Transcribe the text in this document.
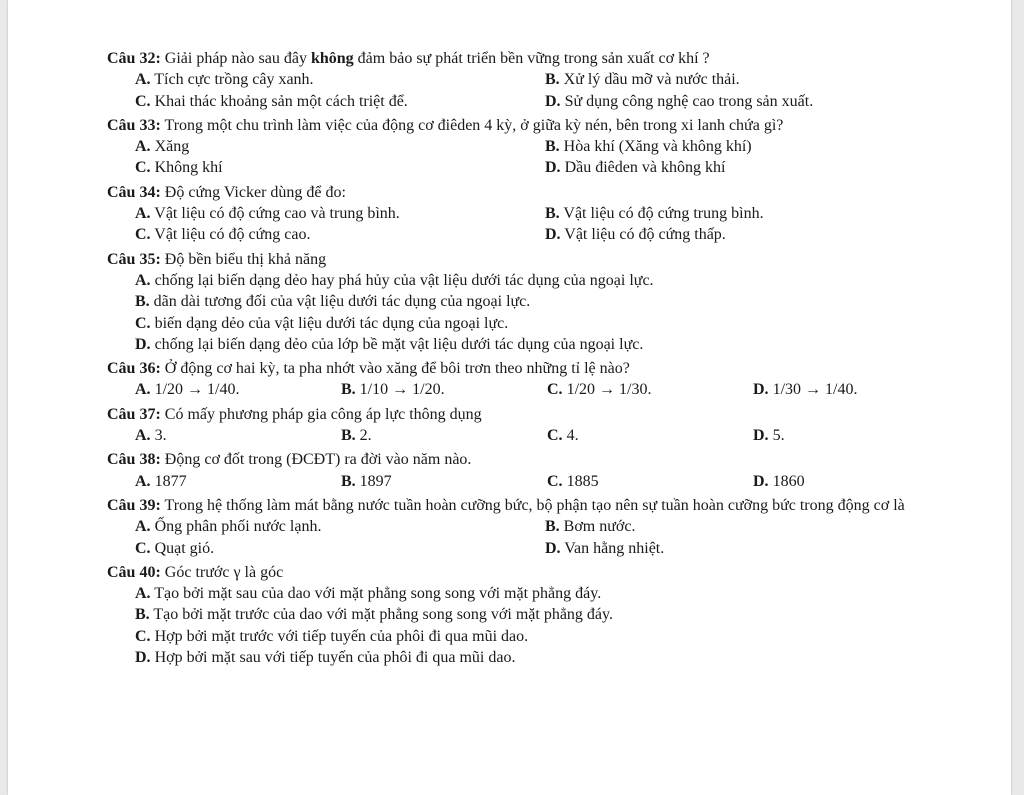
Câu 32: Giải pháp nào sau đây không đảm bảo sự phát triển bền vững trong sản xuất cơ khí ?
A. Tích cực trồng cây xanh.	B. Xử lý dầu mỡ và nước thải.
C. Khai thác khoảng sản một cách triệt để.	D. Sử dụng công nghệ cao trong sản xuất.
Câu 33: Trong một chu trình làm việc của động cơ điêden 4 kỳ, ở giữa kỳ nén, bên trong xi lanh chứa gì?
A. Xăng	B. Hòa khí (Xăng và không khí)
C. Không khí	D. Dầu điêden và không khí
Câu 34: Độ cứng Vicker dùng để đo:
A. Vật liệu có độ cứng cao và trung bình.	B. Vật liệu có độ cứng trung bình.
C. Vật liệu có độ cứng cao.	D. Vật liệu có độ cứng thấp.
Câu 35: Độ bền biểu thị khả năng
A. chống lại biến dạng dẻo hay phá hủy của vật liệu dưới tác dụng của ngoại lực.
B. dãn dài tương đối của vật liệu dưới tác dụng của ngoại lực.
C. biến dạng dẻo của vật liệu dưới tác dụng của ngoại lực.
D. chống lại biến dạng dẻo của lớp bề mặt vật liệu dưới tác dụng của ngoại lực.
Câu 36: Ở động cơ hai kỳ, ta pha nhớt vào xăng để bôi trơn theo những tỉ lệ nào?
A. 1/20 → 1/40.	B. 1/10 → 1/20.	C. 1/20 → 1/30.	D. 1/30 → 1/40.
Câu 37: Có mấy phương pháp gia công áp lực thông dụng
A. 3.	B. 2.	C. 4.	D. 5.
Câu 38: Động cơ đốt trong (ĐCĐT) ra đời vào năm nào.
A. 1877	B. 1897	C. 1885	D. 1860
Câu 39: Trong hệ thống làm mát bằng nước tuần hoàn cưỡng bức, bộ phận tạo nên sự tuần hoàn cưỡng bức trong động cơ là
A. Ống phân phối nước lạnh.	B. Bơm nước.
C. Quạt gió.	D. Van hằng nhiệt.
Câu 40: Góc trước γ là góc
A. Tạo bởi mặt sau của dao với mặt phẳng song song với mặt phẳng đáy.
B. Tạo bởi mặt trước của dao với mặt phẳng song song với mặt phẳng đáy.
C. Hợp bởi mặt trước với tiếp tuyến của phôi đi qua mũi dao.
D. Hợp bởi mặt sau với tiếp tuyến của phôi đi qua mũi dao.
